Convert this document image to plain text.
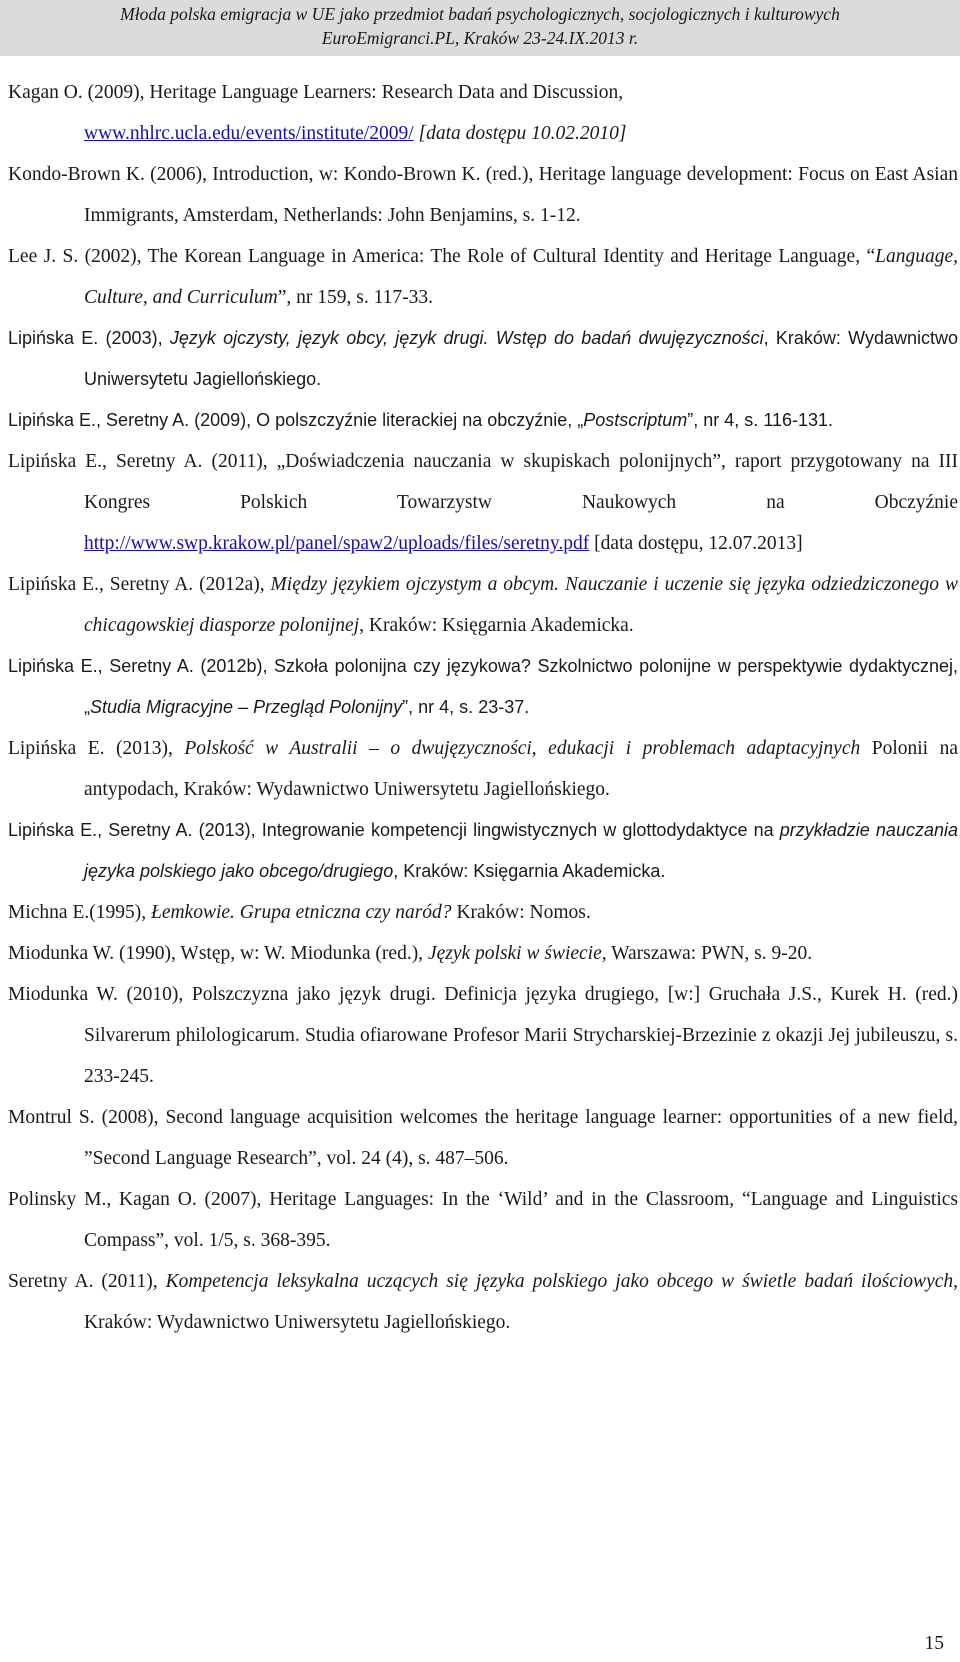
Młoda polska emigracja w UE jako przedmiot badań psychologicznych, socjologicznych i kulturowych
EuroEmigranci.PL, Kraków 23-24.IX.2013 r.

Kagan O. (2009), Heritage Language Learners: Research Data and Discussion,
www.nhlrc.ucla.edu/events/institute/2009/ [data dostępu 10.02.2010]

Kondo-Brown K. (2006), Introduction, w: Kondo-Brown K. (red.), Heritage language development: Focus on East Asian Immigrants, Amsterdam, Netherlands: John Benjamins, s. 1-12.

Lee J. S. (2002), The Korean Language in America: The Role of Cultural Identity and Heritage Language, “Language, Culture, and Curriculum”, nr 159, s. 117-33.

Lipińska E. (2003), Język ojczysty, język obcy, język drugi. Wstęp do badań dwujęzyczności, Kraków: Wydawnictwo Uniwersytetu Jagiellońskiego.

Lipińska E., Seretny A. (2009), O polszczyźnie literackiej na obczyźnie, „Postscriptum”, nr 4, s. 116-131.

Lipińska E., Seretny A. (2011), „Doświadczenia nauczania w skupiskach polonijnych”, raport przygotowany na III Kongres Polskich Towarzystw Naukowych na Obczyźnie http://www.swp.krakow.pl/panel/spaw2/uploads/files/seretny.pdf [data dostępu, 12.07.2013]

Lipińska E., Seretny A. (2012a), Między językiem ojczystym a obcym. Nauczanie i uczenie się języka odziedziczonego w chicagowskiej diasporze polonijnej, Kraków: Księgarnia Akademicka.

Lipińska E., Seretny A. (2012b), Szkoła polonijna czy językowa? Szkolnictwo polonijne w perspektywie dydaktycznej, „Studia Migracyjne – Przegląd Polonijny”, nr 4, s. 23-37.

Lipińska E. (2013), Polskość w Australii – o dwujęzyczności, edukacji i problemach adaptacyjnych Polonii na antypodach, Kraków: Wydawnictwo Uniwersytetu Jagiellońskiego.

Lipińska E., Seretny A. (2013), Integrowanie kompetencji lingwistycznych w glottodydaktyce na przykładzie nauczania języka polskiego jako obcego/drugiego, Kraków: Księgarnia Akademicka.

Michna E.(1995), Łemkowie. Grupa etniczna czy naród? Kraków: Nomos.

Miodunka W. (1990), Wstęp, w: W. Miodunka (red.), Język polski w świecie, Warszawa: PWN, s. 9-20.

Miodunka W. (2010), Polszczyzna jako język drugi. Definicja języka drugiego, [w:] Gruchała J.S., Kurek H. (red.) Silvarerum philologicarum. Studia ofiarowane Profesor Marii Strycharskiej-Brzezinie z okazji Jej jubileuszu, s. 233-245.

Montrul S. (2008), Second language acquisition welcomes the heritage language learner: opportunities of a new field, ”Second Language Research”, vol. 24 (4), s. 487–506.

Polinsky M., Kagan O. (2007), Heritage Languages: In the ‘Wild’ and in the Classroom, “Language and Linguistics Compass”, vol. 1/5, s. 368-395.

Seretny A. (2011), Kompetencja leksykalna uczących się języka polskiego jako obcego w świetle badań ilościowych, Kraków: Wydawnictwo Uniwersytetu Jagiellońskiego.

15
